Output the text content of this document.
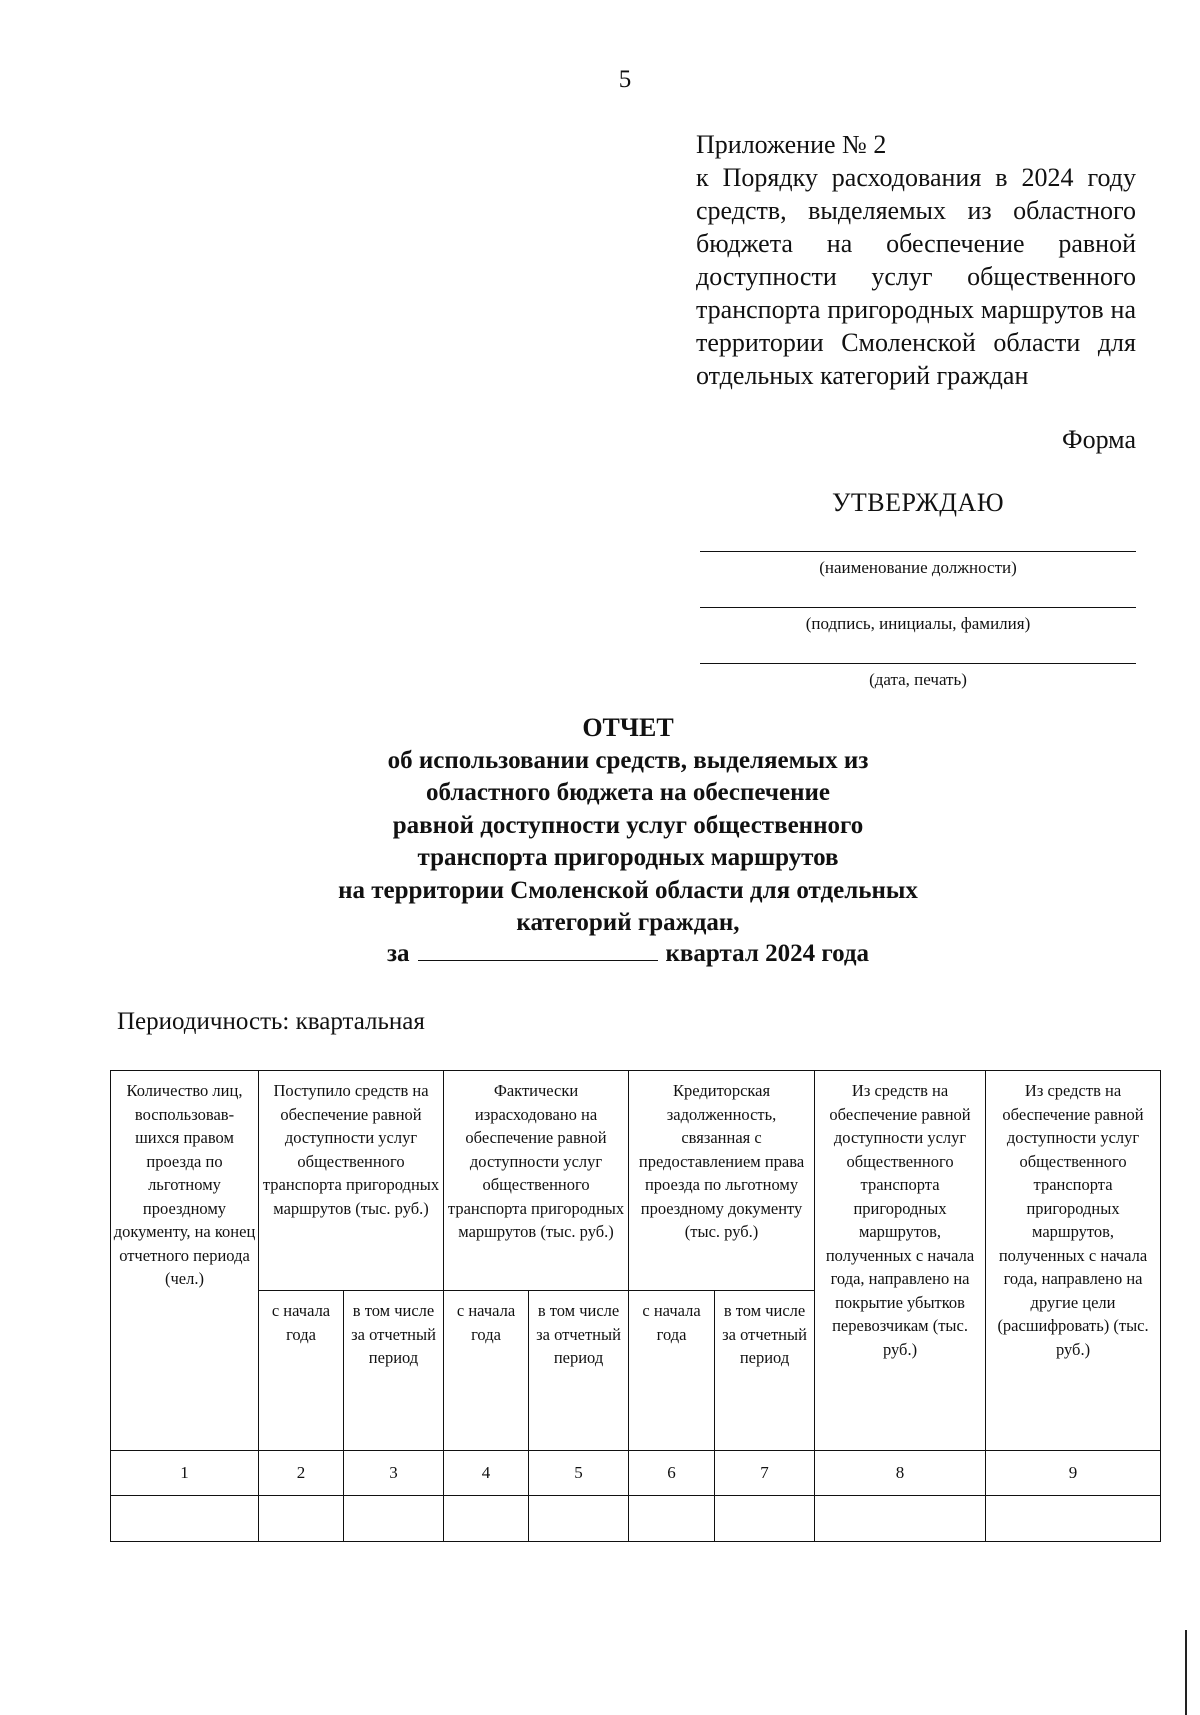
5
Приложение № 2
к Порядку расходования в 2024 году средств, выделяемых из областного бюджета на обеспечение равной доступности услуг общественного транспорта пригородных маршрутов на территории Смоленской области для отдельных категорий граждан
Форма
УТВЕРЖДАЮ
(наименование должности)
(подпись, инициалы, фамилия)
(дата, печать)
ОТЧЕТ
об использовании средств, выделяемых из
областного бюджета на обеспечение
равной доступности услуг общественного
транспорта пригородных маршрутов
на территории Смоленской области для отдельных
категорий граждан,
за	квартал 2024 года
Периодичность: квартальная
Количество лиц, воспользовав-шихся правом проезда по льготному проездному документу, на конец отчетного периода (чел.)	Поступило средств на обеспечение равной доступности услуг общественного транспорта пригородных маршрутов (тыс. руб.)		Фактически израсходовано на обеспечение равной доступности услуг общественного транспорта пригородных маршрутов (тыс. руб.)		Кредиторская задолженность, связанная с предоставлением права проезда по льготному проездному документу (тыс. руб.)		Из средств на обеспечение равной доступности услуг общественного транспорта пригородных маршрутов, полученных с начала года, направлено на покрытие убытков перевозчикам (тыс. руб.)	Из средств на обеспечение равной доступности услуг общественного транспорта пригородных маршрутов, полученных с начала года, направлено на другие цели (расшифровать) (тыс. руб.)
	с начала года	в том числе за отчетный период	с начала года	в том числе за отчетный период	с начала года	в том числе за отчетный период		
1	2	3	4	5	6	7	8	9
